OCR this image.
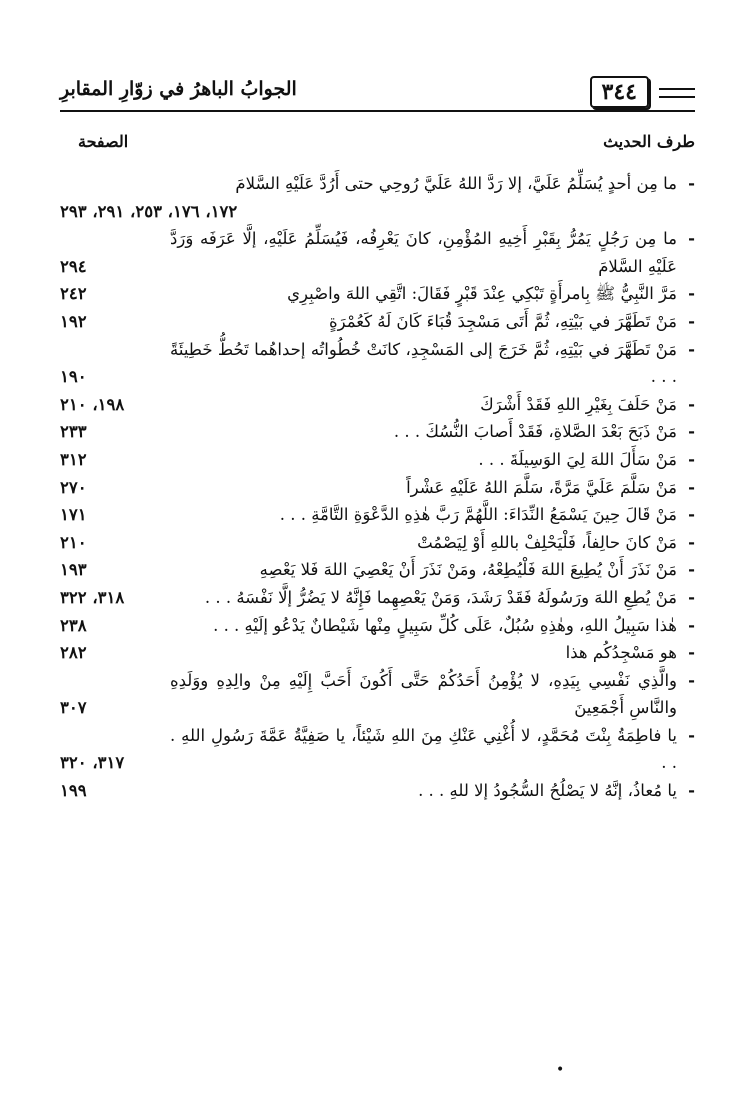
٣٤٤
الجوابُ الباهرُ في زوّارِ المقابرِ
طرف الحديث
الصفحة
-
ما مِن أحدٍ يُسَلِّمُ عَلَيَّ، إلا رَدَّ اللهُ عَلَيَّ رُوحِي حتى أَرُدَّ عَلَيْهِ السَّلامَ
١٧٢، ١٧٦، ٢٥٣، ٢٩١، ٢٩٣
-
ما مِن رَجُلٍ يَمُرُّ بِقَبْرِ أَخِيهِ المُؤْمِنِ، كانَ يَعْرِفُه، فَيُسَلِّمُ عَلَيْهِ، إلَّا عَرَفَه وَرَدَّ عَلَيْهِ السَّلامَ
٢٩٤
-
مَرَّ النَّبِيُّ ﷺ بِامرأَةٍ تَبْكِي عِنْدَ قَبْرٍ فَقَالَ: اتَّقِي اللهَ واصْبِرِي
٢٤٢
-
مَنْ تَطَهَّرَ في بَيْتِهِ، ثُمَّ أَتَى مَسْجِدَ قُبَاءَ كَانَ لَهُ كَعُمْرَةٍ
١٩٢
-
مَنْ تَطَهَّرَ في بَيْتِهِ، ثُمَّ خَرَجَ إلى المَسْجِدِ، كانَتْ خُطُواتُه إحداهُما تَحُطُّ خَطِيئَةً . . .
١٩٠
-
مَنْ حَلَفَ بِغَيْرِ اللهِ فَقَدْ أَشْرَكَ
١٩٨، ٢١٠
-
مَنْ ذَبَحَ بَعْدَ الصَّلاةِ، فَقَدْ أَصابَ النُّسُكَ . . .
٢٣٣
-
مَنْ سَأَلَ اللهَ لِيَ الوَسِيلَةَ . . .
٣١٢
-
مَنْ سَلَّمَ عَلَيَّ مَرَّةً، سَلَّمَ اللهُ عَلَيْهِ عَشْراً
٢٧٠
-
مَنْ قَالَ حِينَ يَسْمَعُ النِّدَاءَ: اللَّهُمَّ رَبَّ هٰذِهِ الدَّعْوَةِ التَّامَّةِ . . .
١٧١
-
مَنْ كانَ حالِفاً، فَلْيَحْلِفْ باللهِ أَوْ لِيَصْمُتْ
٢١٠
-
مَنْ نَذَرَ أَنْ يُطِيعَ اللهَ فَلْيُطِعْهُ، ومَنْ نَذَرَ أَنْ يَعْصِيَ اللهَ فَلا يَعْصِهِ
١٩٣
-
مَنْ يُطِعِ اللهَ ورَسُولَهُ فَقَدْ رَشَدَ، وَمَنْ يَعْصِهِما فَإِنَّهُ لا يَضُرُّ إلَّا نَفْسَهُ . . .
٣١٨، ٣٢٢
-
هٰذا سَبِيلُ اللهِ، وهٰذِهِ سُبُلٌ، عَلَى كُلِّ سَبِيلٍ مِنْها شَيْطانٌ يَدْعُو إلَيْهِ . . .
٢٣٨
-
هو مَسْجِدُكُم هذا
٢٨٢
-
والَّذِي نَفْسِي بِيَدِهِ، لا يُؤْمِنُ أَحَدُكُمْ حَتَّى أَكُونَ أَحَبَّ إِلَيْهِ مِنْ والِدِهِ ووَلَدِهِ والنَّاسِ أَجْمَعِينَ
٣٠٧
-
يا فاطِمَةُ بِنْتَ مُحَمَّدٍ، لا أُغْنِي عَنْكِ مِنَ اللهِ شَيْئاً، يا صَفِيَّةُ عَمَّةَ رَسُولِ اللهِ . . .
٣١٧، ٣٢٠
-
يا مُعاذُ، إنَّهُ لا يَصْلُحُ السُّجُودُ إلا للهِ . . .
١٩٩
•
